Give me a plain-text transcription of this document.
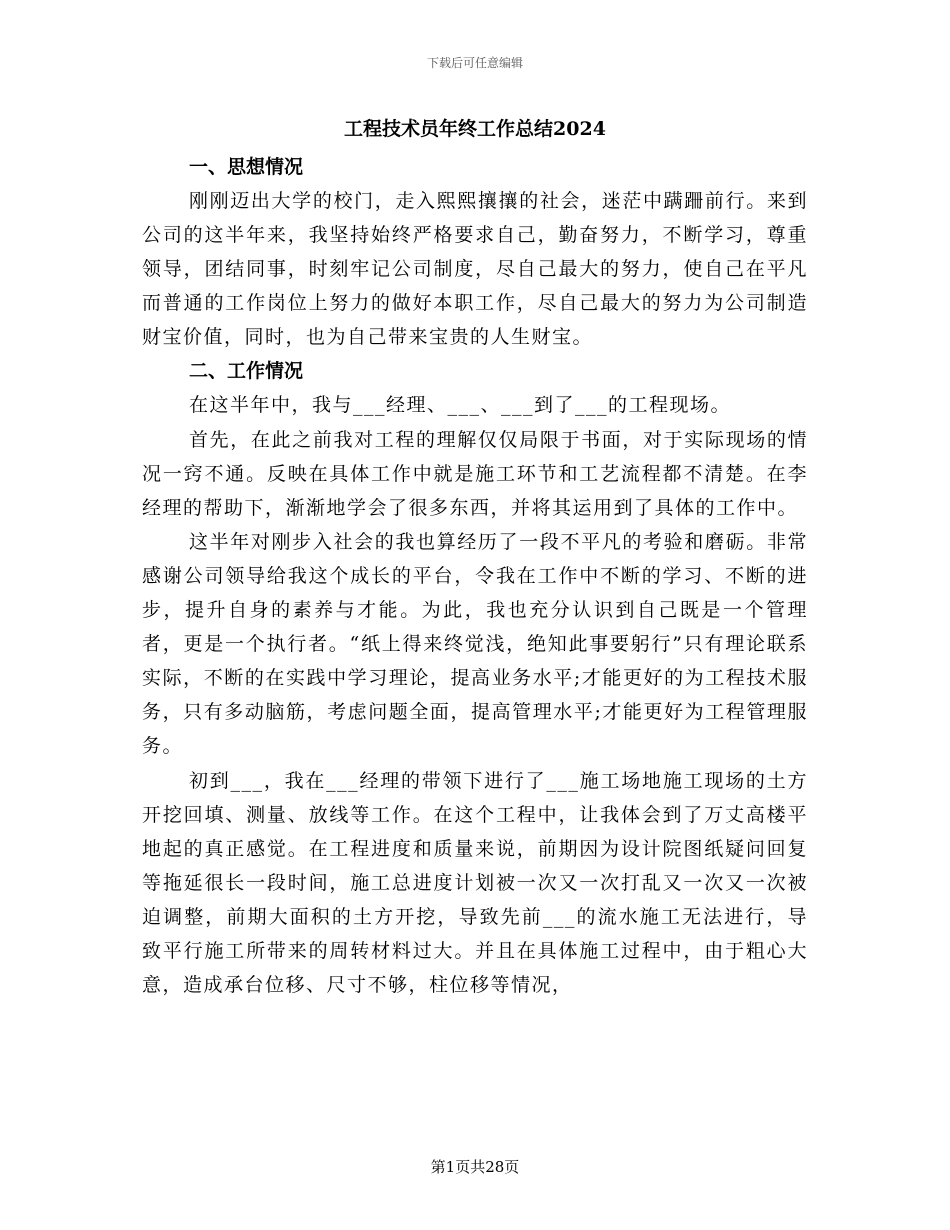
下载后可任意编辑
工程技术员年终工作总结2024
一、思想情况

刚刚迈出大学的校门，走入熙熙攘攘的社会，迷茫中蹒跚前行。来到公司的这半年来，我坚持始终严格要求自己，勤奋努力，不断学习，尊重领导，团结同事，时刻牢记公司制度，尽自己最大的努力，使自己在平凡而普通的工作岗位上努力的做好本职工作，尽自己最大的努力为公司制造财宝价值，同时，也为自己带来宝贵的人生财宝。

二、工作情况

在这半年中，我与___经理、___、___到了___的工程现场。

首先，在此之前我对工程的理解仅仅局限于书面，对于实际现场的情况一窍不通。反映在具体工作中就是施工环节和工艺流程都不清楚。在李经理的帮助下，渐渐地学会了很多东西，并将其运用到了具体的工作中。

这半年对刚步入社会的我也算经历了一段不平凡的考验和磨砺。非常感谢公司领导给我这个成长的平台，令我在工作中不断的学习、不断的进步，提升自身的素养与才能。为此，我也充分认识到自己既是一个管理者，更是一个执行者。“纸上得来终觉浅，绝知此事要躬行”只有理论联系实际，不断的在实践中学习理论，提高业务水平;才能更好的为工程技术服务，只有多动脑筋，考虑问题全面，提高管理水平;才能更好为工程管理服务。

初到___，我在___经理的带领下进行了___施工场地施工现场的土方开挖回填、测量、放线等工作。在这个工程中，让我体会到了万丈高楼平地起的真正感觉。在工程进度和质量来说，前期因为设计院图纸疑问回复等拖延很长一段时间，施工总进度计划被一次又一次打乱又一次又一次被迫调整，前期大面积的土方开挖，导致先前___的流水施工无法进行，导致平行施工所带来的周转材料过大。并且在具体施工过程中，由于粗心大意，造成承台位移、尺寸不够，柱位移等情况，

第1页共28页
